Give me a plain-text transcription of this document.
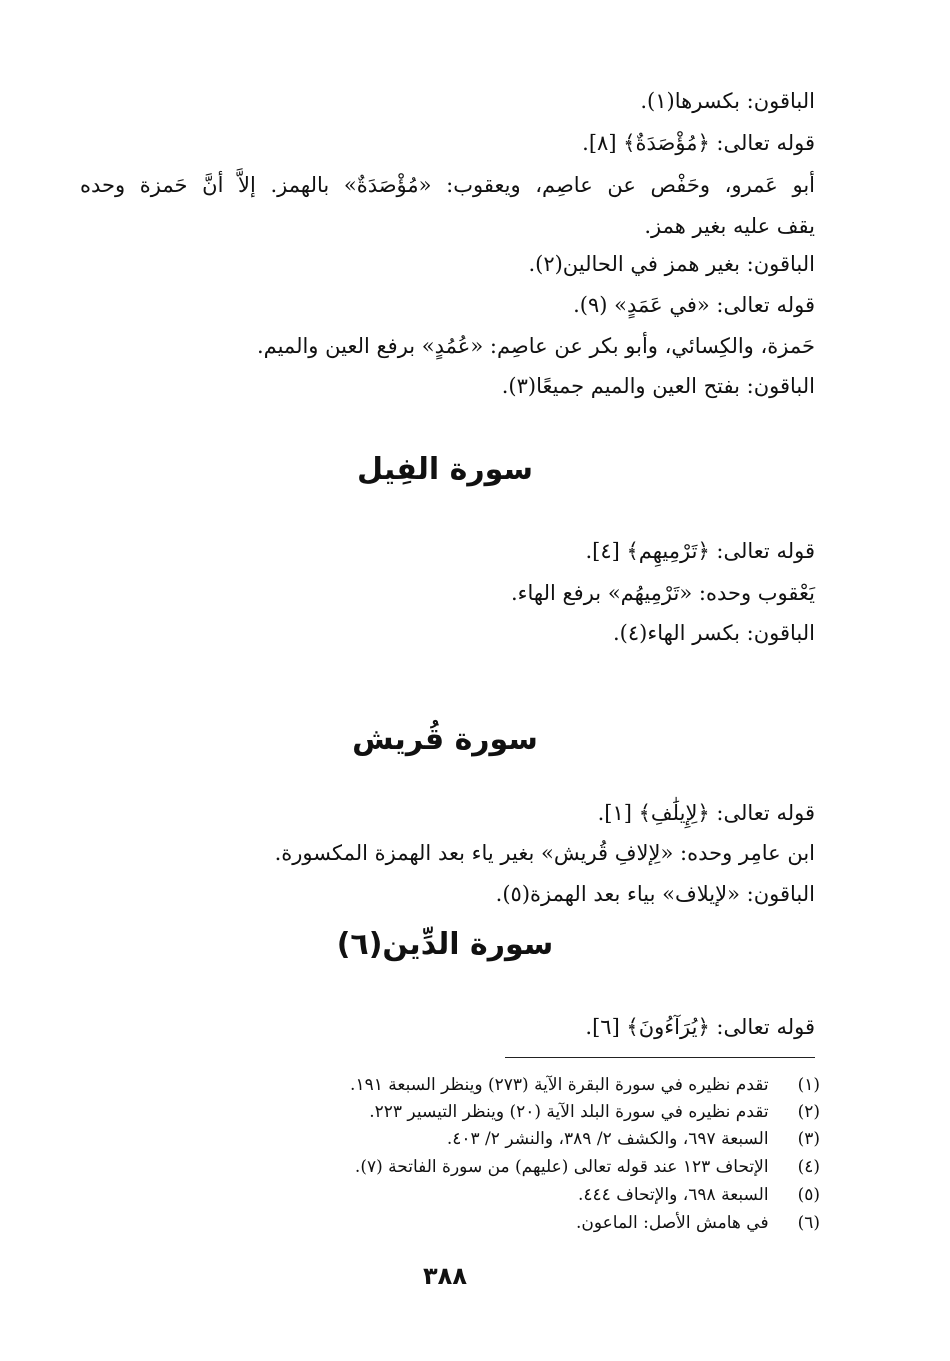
الباقون: بكسرها(١).
قوله تعالى: ﴿مُؤْصَدَةٌ﴾ [٨].
أبو عَمرو، وحَفْص عن عاصِم، ويعقوب: «مُؤْصَدَةٌ» بالهمز. إلاَّ أنَّ حَمزة وحده
يقف عليه بغير همز.
الباقون: بغير همز في الحالين(٢).
قوله تعالى: «في عَمَدٍ» (٩).
حَمزة، والكِسائي، وأبو بكر عن عاصِم: «عُمُدٍ» برفع العين والميم.
الباقون: بفتح العين والميم جميعًا(٣).
سورة الفِيل
قوله تعالى: ﴿تَرْمِيهِم﴾ [٤].
يَعْقوب وحده: «تَرْمِيهُم» برفع الهاء.
الباقون: بكسر الهاء(٤).
سورة قُريش
قوله تعالى: ﴿لِإِيلَٰفِ﴾ [١].
ابن عامِر وحده: «لِإلافِ قُريش» بغير ياء بعد الهمزة المكسورة.
الباقون: «لإيلاف» بياء بعد الهمزة(٥).
سورة الدِّين(٦)
قوله تعالى: ﴿يُرَآءُونَ﴾ [٦].
(١) تقدم نظيره في سورة البقرة الآية (٢٧٣) وينظر السبعة ١٩١.
(٢) تقدم نظيره في سورة البلد الآية (٢٠) وينظر التيسير ٢٢٣.
(٣) السبعة ٦٩٧، والكشف ٢/ ٣٨٩، والنشر ٢/ ٤٠٣.
(٤) الإتحاف ١٢٣ عند قوله تعالى (عليهم) من سورة الفاتحة (٧).
(٥) السبعة ٦٩٨، والإتحاف ٤٤٤.
(٦) في هامش الأصل: الماعون.
٣٨٨
